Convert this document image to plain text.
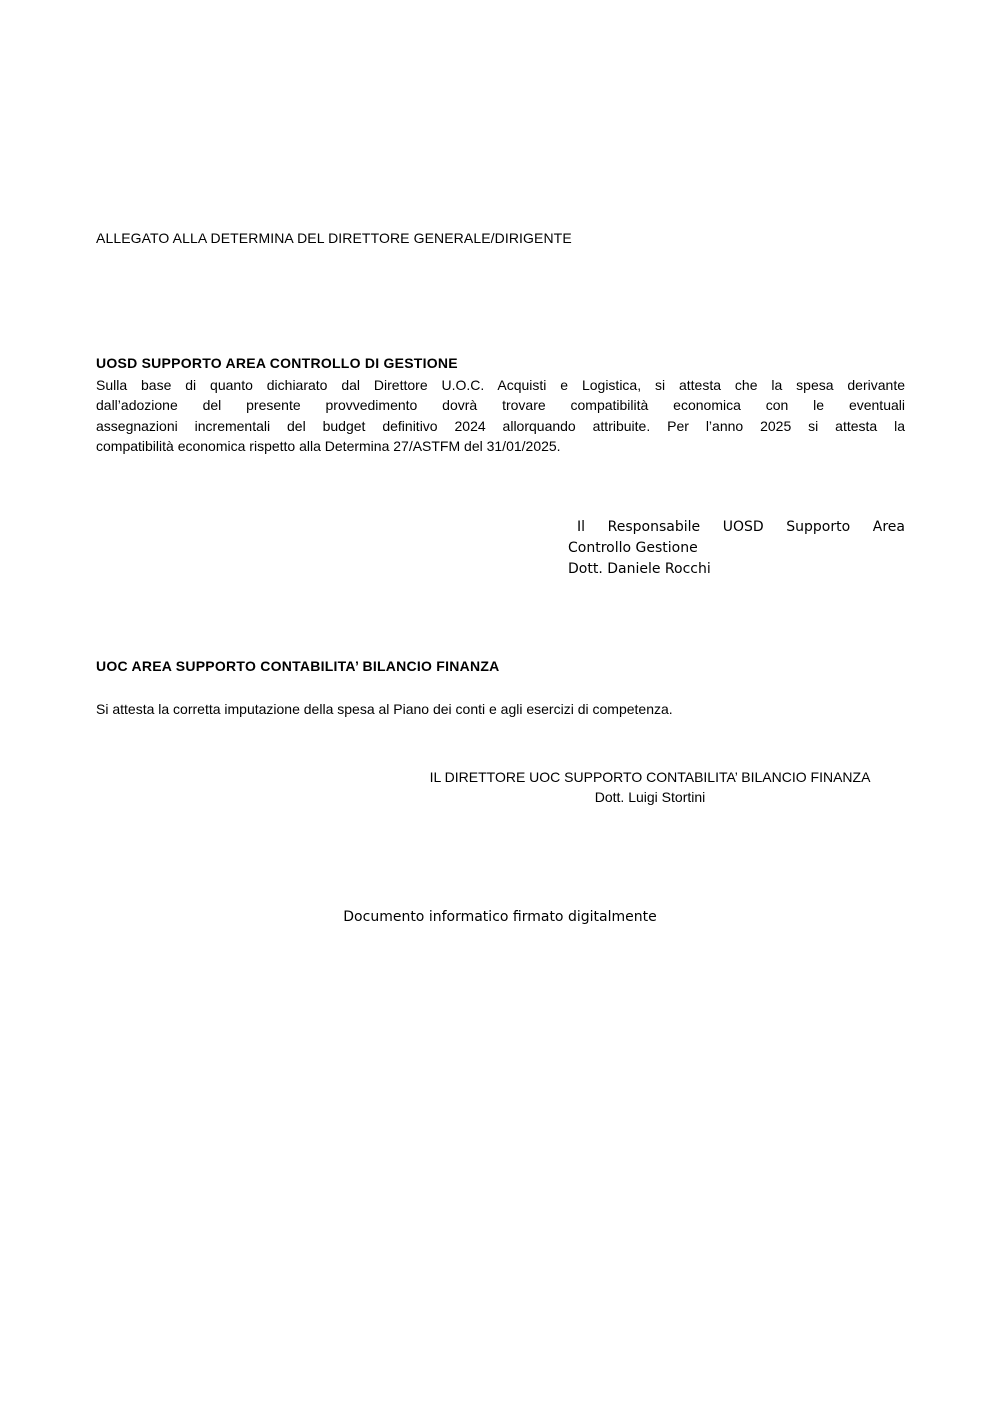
ALLEGATO ALLA DETERMINA DEL DIRETTORE GENERALE/DIRIGENTE
UOSD SUPPORTO AREA CONTROLLO DI GESTIONE
Sulla base di quanto dichiarato dal Direttore U.O.C. Acquisti e Logistica, si attesta che la spesa derivante
dall’adozione del presente provvedimento dovrà trovare compatibilità economica con le eventuali
assegnazioni incrementali del budget definitivo 2024 allorquando attribuite. Per l’anno 2025 si attesta la
compatibilità economica rispetto alla Determina 27/ASTFM del 31/01/2025.
Il Responsabile UOSD Supporto Area
Controllo Gestione
Dott. Daniele Rocchi
UOC AREA SUPPORTO CONTABILITA’ BILANCIO FINANZA
Si attesta la corretta imputazione della spesa al Piano dei conti e agli esercizi di competenza.
IL DIRETTORE UOC SUPPORTO CONTABILITA’ BILANCIO FINANZA
Dott. Luigi Stortini
Documento informatico firmato digitalmente
